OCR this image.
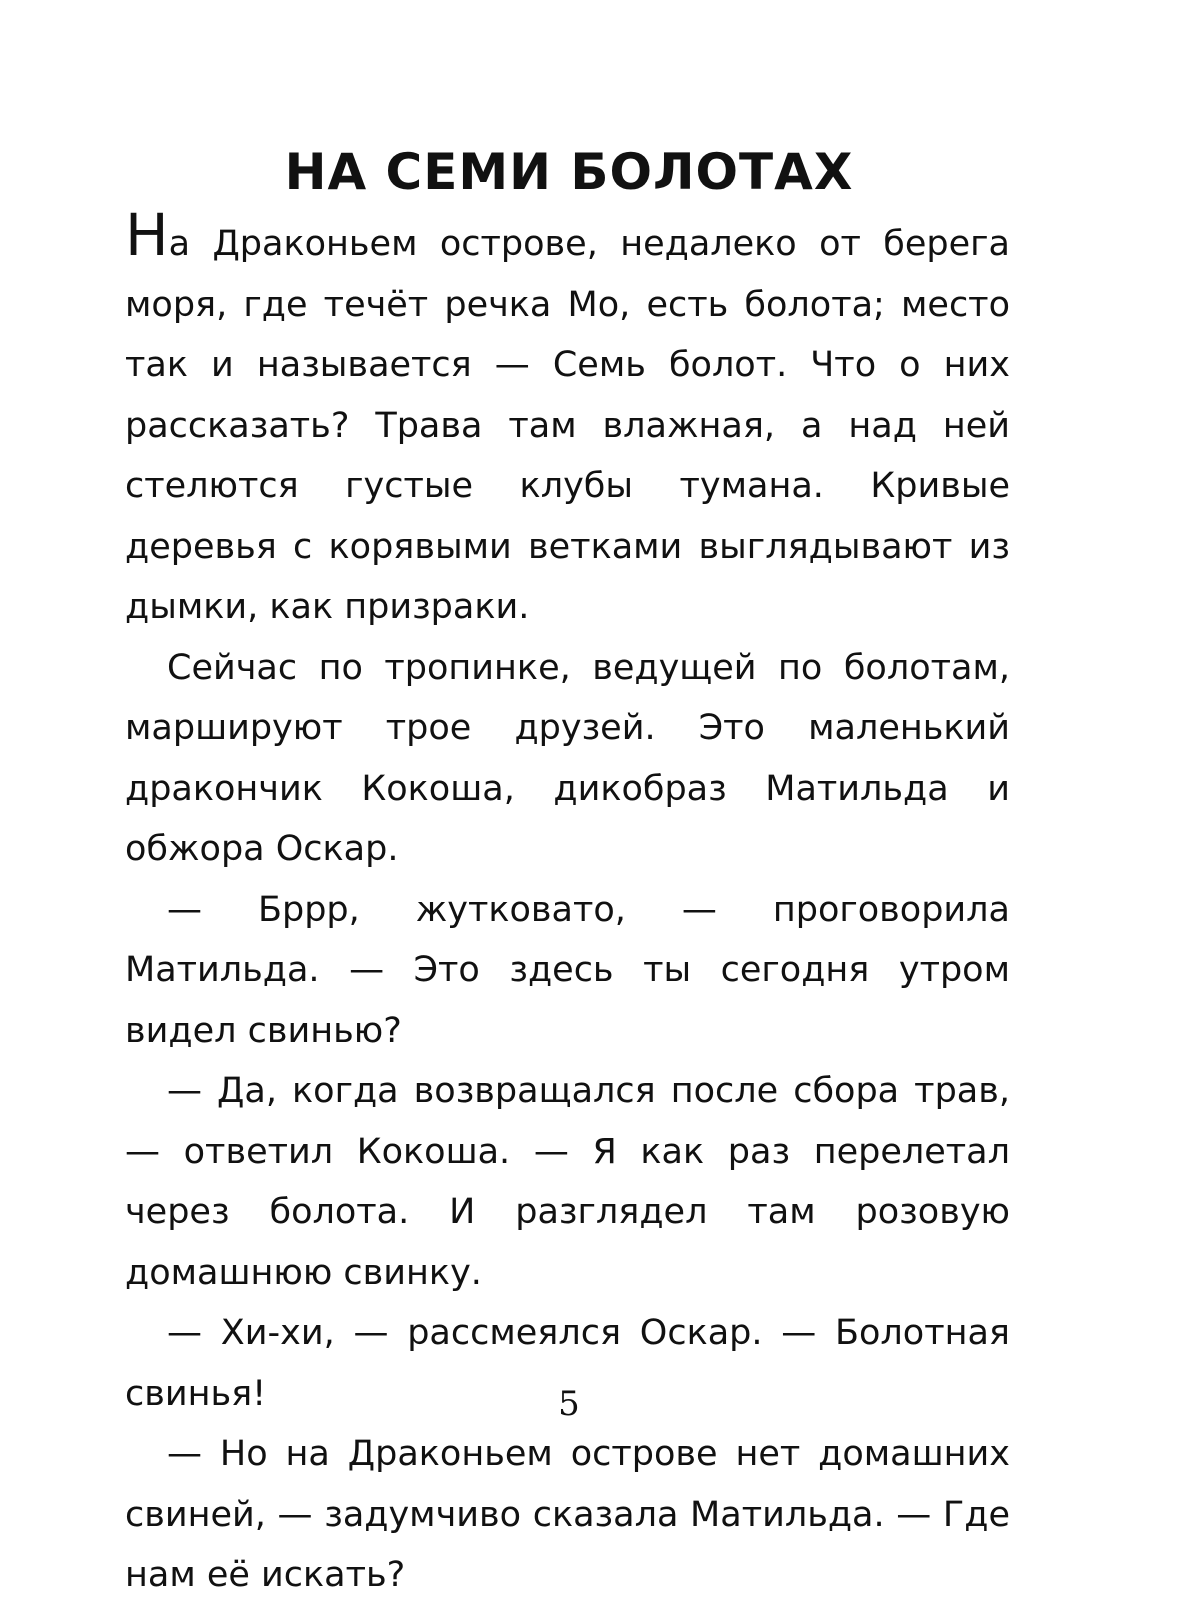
НА СЕМИ БОЛОТАХ

На Драконьем острове, недалеко от берега моря, где течёт речка Мо, есть болота; место так и называется — Семь болот. Что о них рассказать? Трава там влажная, а над ней стелются густые клубы тумана. Кривые деревья с корявыми ветками выглядывают из дымки, как призраки.

Сейчас по тропинке, ведущей по болотам, маршируют трое друзей. Это маленький дракончик Кокоша, дикобраз Матильда и обжора Оскар.

— Бррр, жутковато, — проговорила Матильда. — Это здесь ты сегодня утром видел свинью?

— Да, когда возвращался после сбора трав, — ответил Кокоша. — Я как раз перелетал через болота. И разглядел там розовую домашнюю свинку.

— Хи-хи, — рассмеялся Оскар. — Болотная свинья!

— Но на Драконьем острове нет домашних свиней, — задумчиво сказала Матильда. — Где нам её искать?

5
